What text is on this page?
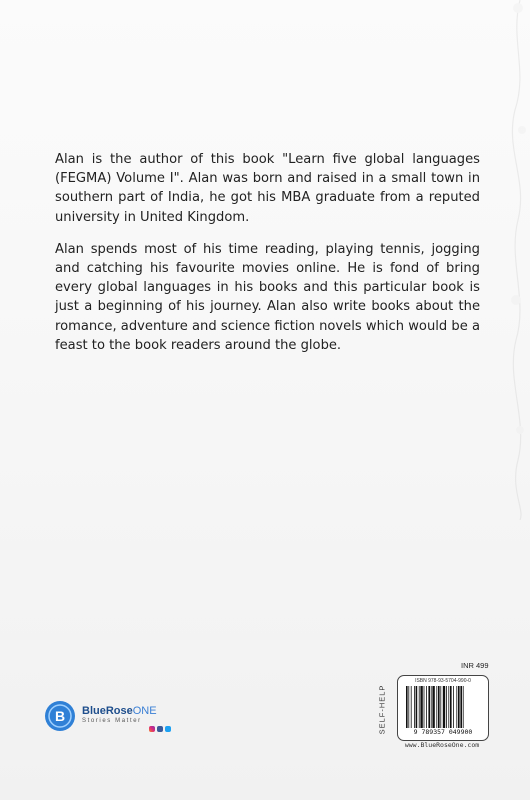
Alan is the author of this book "Learn five global languages (FEGMA) Volume I". Alan was born and raised in a small town in southern part of India, he got his MBA graduate from a reputed university in United Kingdom.

Alan spends most of his time reading, playing tennis, jogging and catching his favourite movies online. He is fond of bring every global languages in his books and this particular book is just a beginning of his journey. Alan also write books about the romance, adventure and science fiction novels which would be a feast to the book readers around the globe.

B BlueRoseONE
Stories Matter
INR 499
SELF-HELP
ISBN 978-93-5704-990-0
9 789357 049900
www.BlueRoseOne.com
